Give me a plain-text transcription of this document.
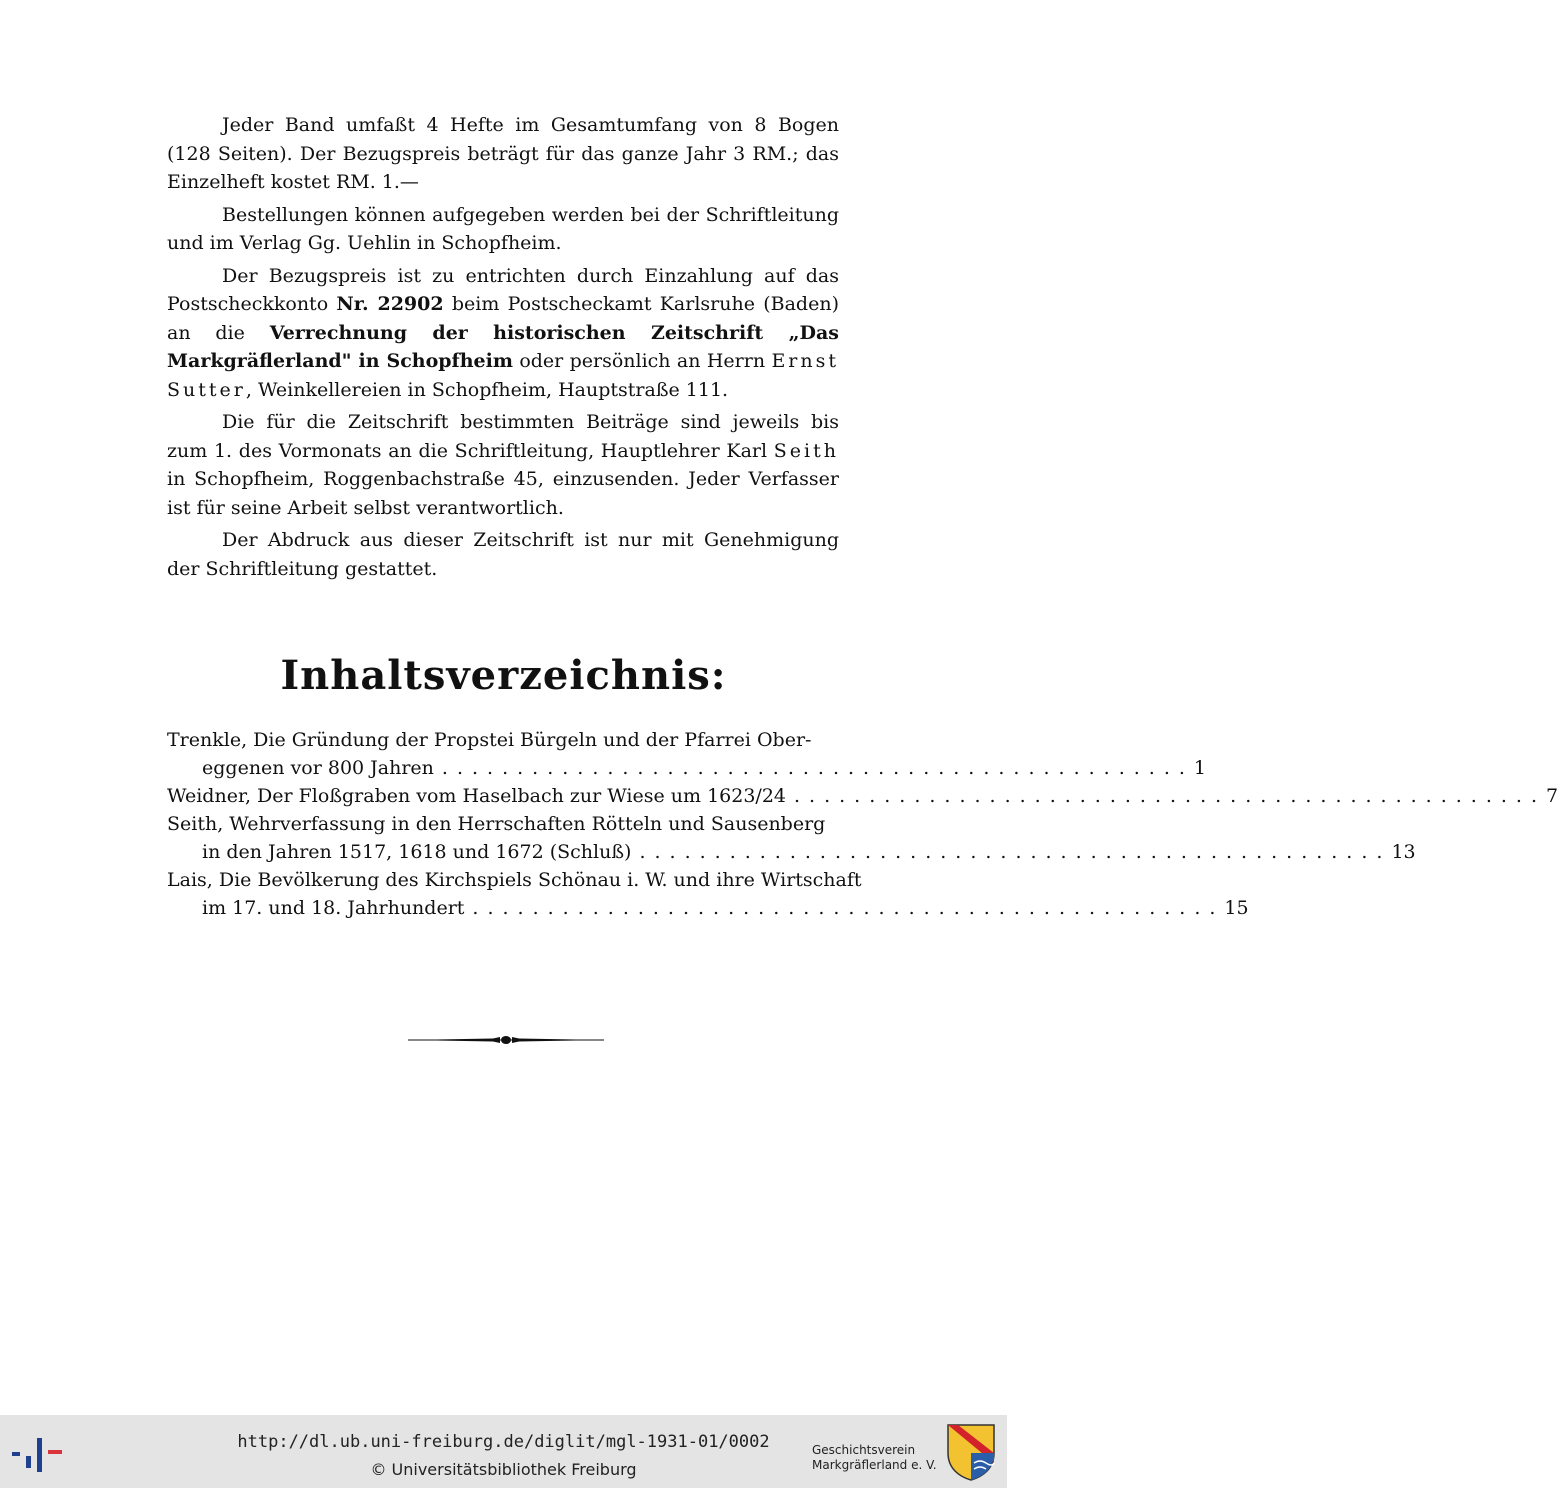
Jeder Band umfaßt 4 Hefte im Gesamtumfang von 8 Bogen (128 Seiten). Der Bezugspreis beträgt für das ganze Jahr 3 RM.; das Einzelheft kostet RM. 1.—

Bestellungen können aufgegeben werden bei der Schriftleitung und im Verlag Gg. Uehlin in Schopfheim.

Der Bezugspreis ist zu entrichten durch Einzahlung auf das Postscheckkonto Nr. 22902 beim Postscheckamt Karlsruhe (Baden) an die Verrechnung der historischen Zeitschrift „Das Markgräflerland" in Schopfheim oder persönlich an Herrn Ernst Sutter, Weinkellereien in Schopfheim, Hauptstraße 111.

Die für die Zeitschrift bestimmten Beiträge sind jeweils bis zum 1. des Vormonats an die Schriftleitung, Hauptlehrer Karl Seith in Schopfheim, Roggenbachstraße 45, einzusenden. Jeder Verfasser ist für seine Arbeit selbst verantwortlich.

Der Abdruck aus dieser Zeitschrift ist nur mit Genehmigung der Schriftleitung gestattet.

Inhaltsverzeichnis:
Trenkle, Die Gründung der Propstei Bürgeln und der Pfarrei Ober-
eggenen vor 800 Jahren .................................................. 1
Weidner, Der Floßgraben vom Haselbach zur Wiese um 1623/24 .................................................. 7
Seith, Wehrverfassung in den Herrschaften Rötteln und Sausenberg
in den Jahren 1517, 1618 und 1672 (Schluß) .................................................. 13
Lais, Die Bevölkerung des Kirchspiels Schönau i. W. und ihre Wirtschaft
im 17. und 18. Jahrhundert .................................................. 15
http://dl.ub.uni-freiburg.de/diglit/mgl-1931-01/0002
© Universitätsbibliothek Freiburg
Geschichtsverein
Markgräflerland e. V.
